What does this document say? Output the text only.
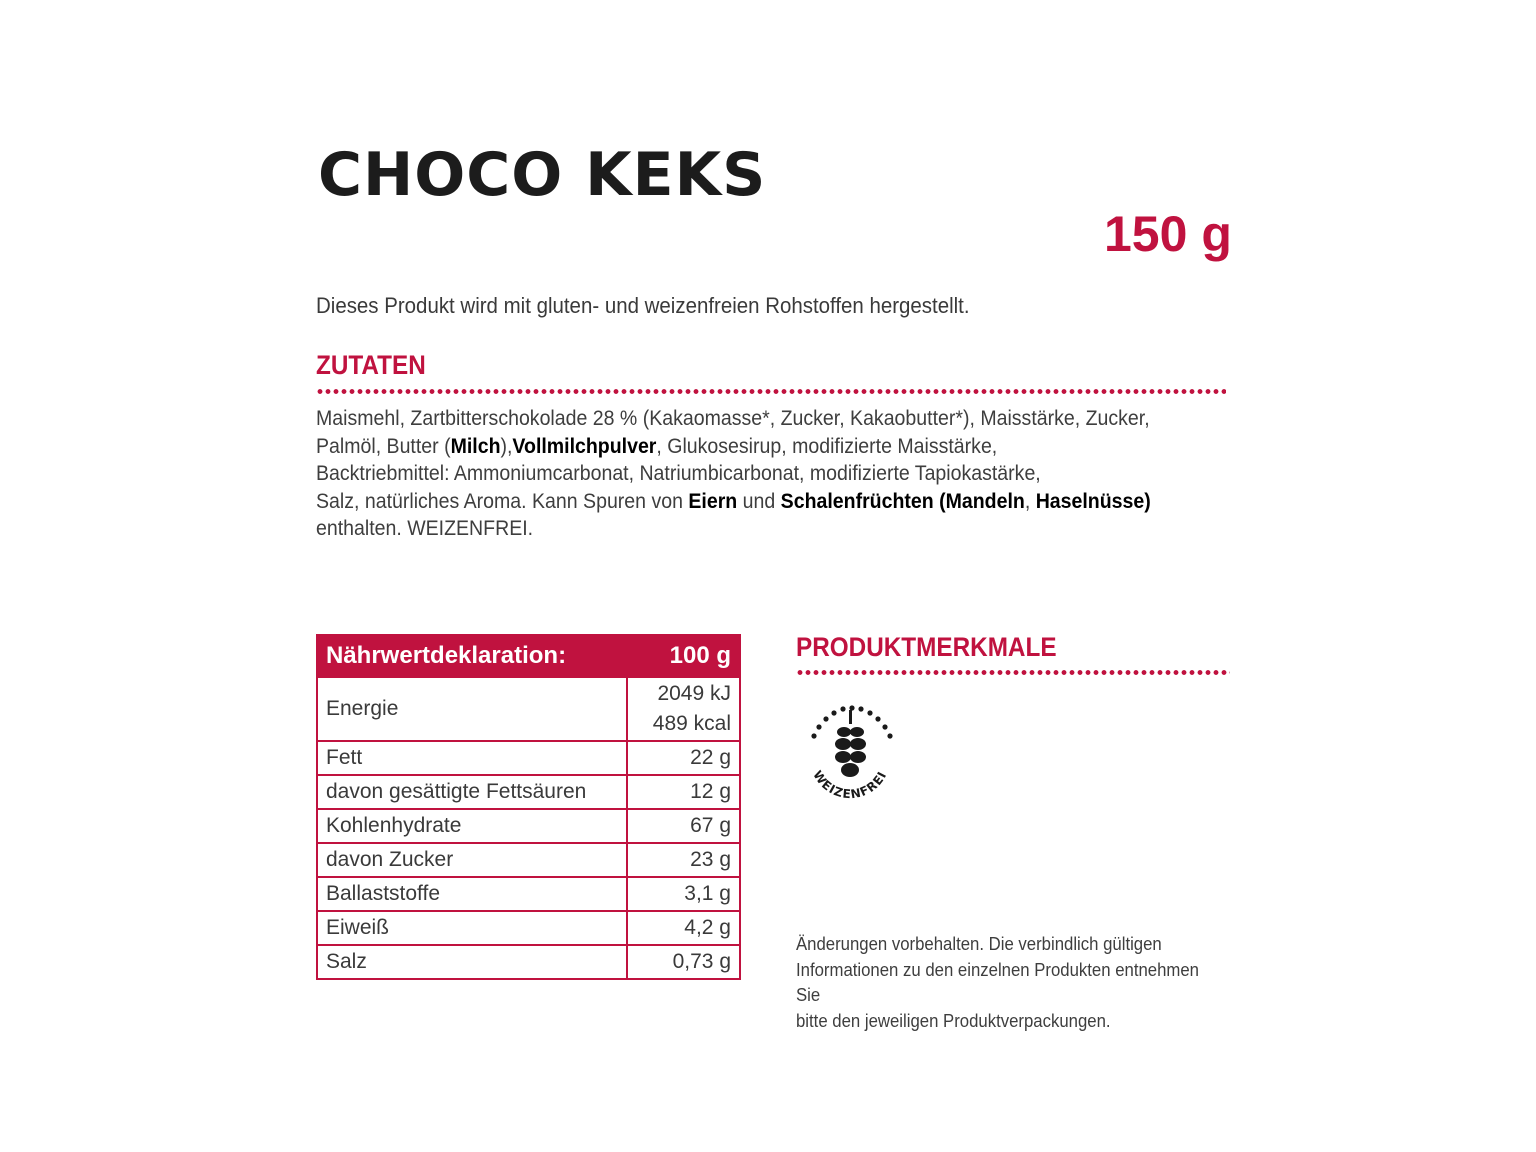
CHOCO KEKS
150 g
Dieses Produkt wird mit gluten- und weizenfreien Rohstoffen hergestellt.
ZUTATEN
Maismehl, Zartbitterschokolade 28 % (Kakaomasse*, Zucker, Kakaobutter*), Maisstärke, Zucker,
Palmöl, Butter (Milch),Vollmilchpulver, Glukosesirup, modifizierte Maisstärke,
Backtriebmittel: Ammoniumcarbonat, Natriumbicarbonat, modifizierte Tapiokastärke,
Salz, natürliches Aroma. Kann Spuren von Eiern und Schalenfrüchten (Mandeln, Haselnüsse)
enthalten. WEIZENFREI.
Nährwertdeklaration:	100 g
Energie	2049 kJ
489 kcal

Fett	22 g
davon gesättigte Fettsäuren	12 g
Kohlenhydrate	67 g
davon Zucker	23 g
Ballaststoffe	3,1 g
Eiweiß	4,2 g
Salz	0,73 g
PRODUKTMERKMALE
WEIZENFREI
Änderungen vorbehalten. Die verbindlich gültigen
Informationen zu den einzelnen Produkten entnehmen Sie
bitte den jeweiligen Produktverpackungen.
